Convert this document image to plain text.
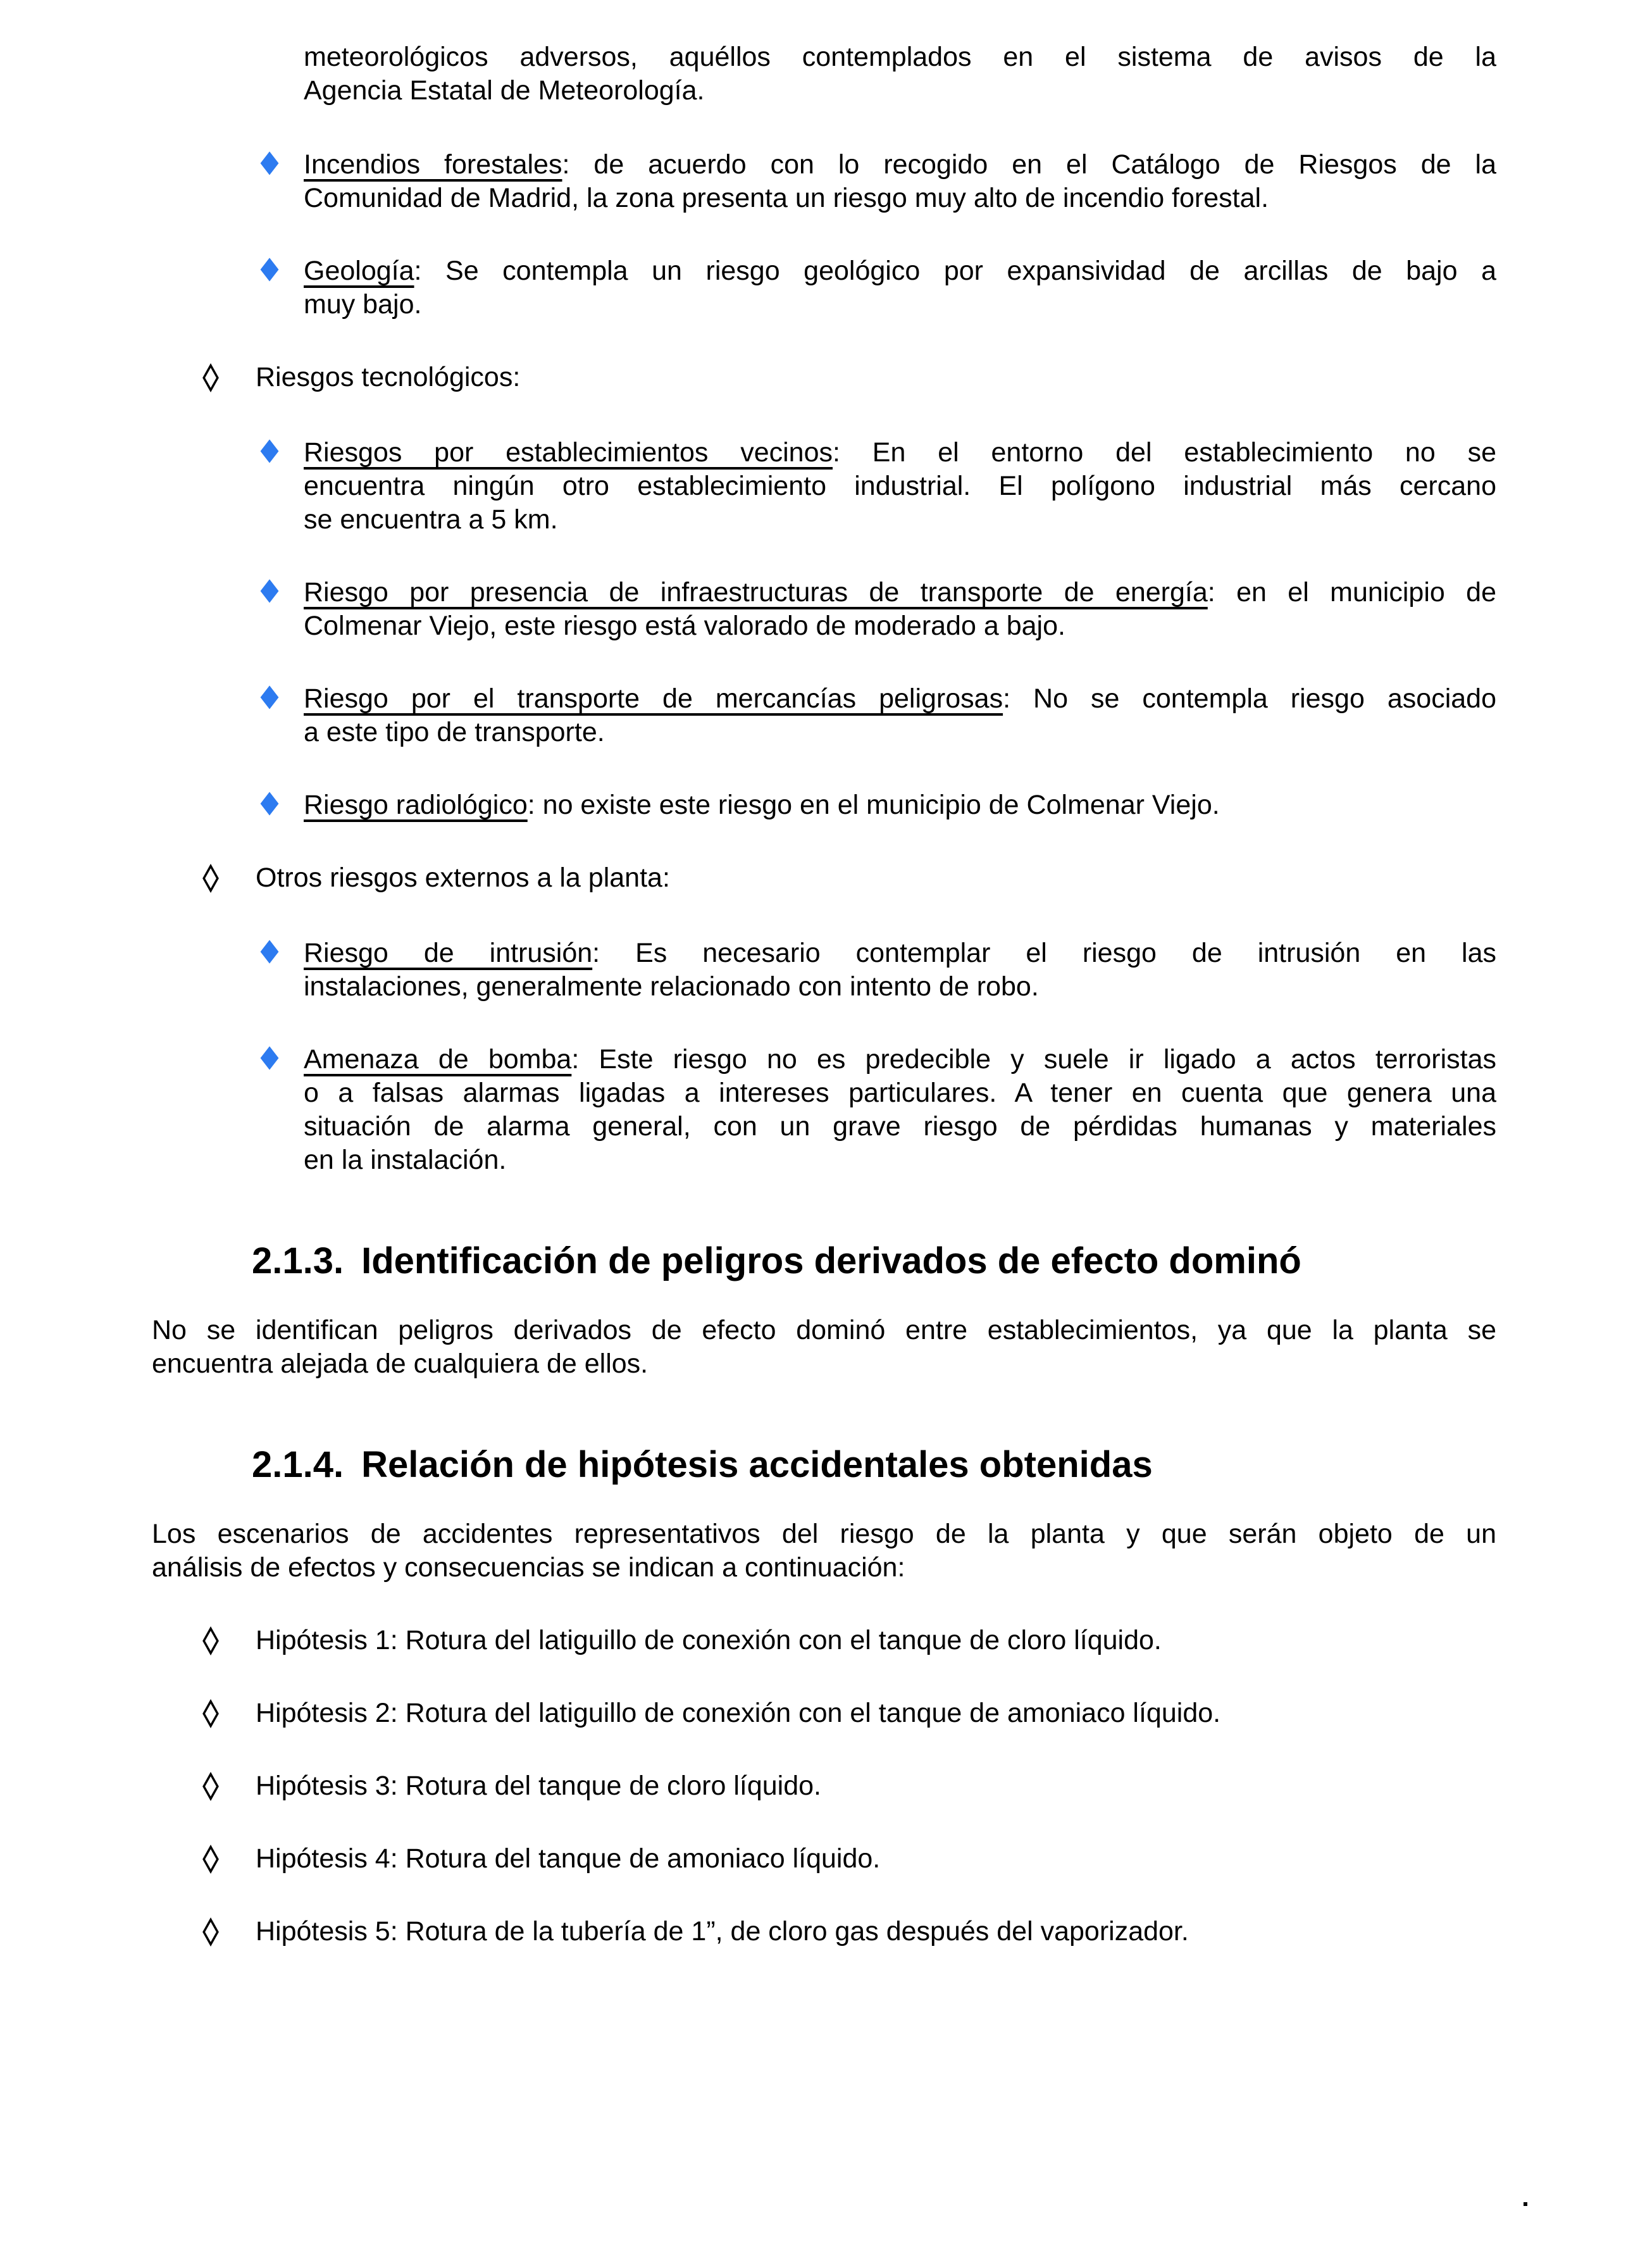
meteorológicos adversos, aquéllos contemplados en el sistema de avisos de la
Agencia Estatal de Meteorología.
Incendios forestales: de acuerdo con lo recogido en el Catálogo de Riesgos de la
Comunidad de Madrid, la zona presenta un riesgo muy alto de incendio forestal.
Geología: Se contempla un riesgo geológico por expansividad de arcillas de bajo a
muy bajo.
Riesgos tecnológicos:
Riesgos por establecimientos vecinos: En el entorno del establecimiento no se
encuentra ningún otro establecimiento industrial. El polígono industrial más cercano
se encuentra a 5 km.
Riesgo por presencia de infraestructuras de transporte de energía: en el municipio de
Colmenar Viejo, este riesgo está valorado de moderado a bajo.
Riesgo por el transporte de mercancías peligrosas: No se contempla riesgo asociado
a este tipo de transporte.
Riesgo radiológico: no existe este riesgo en el municipio de Colmenar Viejo.
Otros riesgos externos a la planta:
Riesgo de intrusión: Es necesario contemplar el riesgo de intrusión en las
instalaciones, generalmente relacionado con intento de robo.
Amenaza de bomba: Este riesgo no es predecible y suele ir ligado a actos terroristas
o a falsas alarmas ligadas a intereses particulares. A tener en cuenta que genera una
situación de alarma general, con un grave riesgo de pérdidas humanas y materiales
en la instalación.
2.1.3. Identificación de peligros derivados de efecto dominó
No se identifican peligros derivados de efecto dominó entre establecimientos, ya que la planta se
encuentra alejada de cualquiera de ellos.
2.1.4. Relación de hipótesis accidentales obtenidas
Los escenarios de accidentes representativos del riesgo de la planta y que serán objeto de un
análisis de efectos y consecuencias se indican a continuación:
Hipótesis 1: Rotura del latiguillo de conexión con el tanque de cloro líquido.
Hipótesis 2: Rotura del latiguillo de conexión con el tanque de amoniaco líquido.
Hipótesis 3: Rotura del tanque de cloro líquido.
Hipótesis 4: Rotura del tanque de amoniaco líquido.
Hipótesis 5: Rotura de la tubería de 1”, de cloro gas después del vaporizador.
